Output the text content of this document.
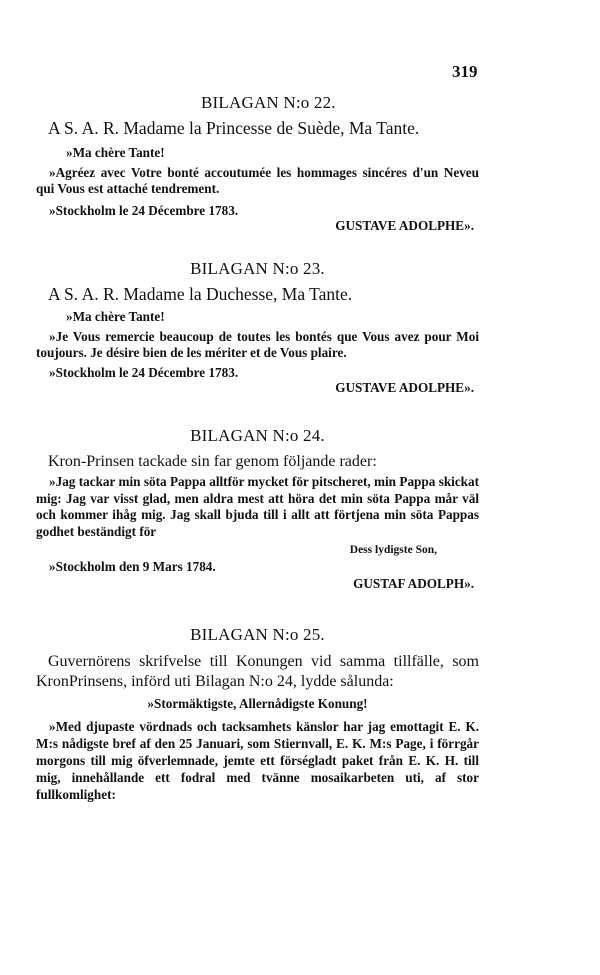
319

BILAGAN N:o 22.

A S. A. R. Madame la Princesse de Suède, Ma Tante.

»Ma chère Tante!

»Agréez avec Votre bonté accoutumée les hommages sincéres d'un Neveu qui Vous est attaché tendrement.

»Stockholm le 24 Décembre 1783.

GUSTAVE ADOLPHE».

BILAGAN N:o 23.

A S. A. R. Madame la Duchesse, Ma Tante.

»Ma chère Tante!

»Je Vous remercie beaucoup de toutes les bontés que Vous avez pour Moi toujours. Je désire bien de les mériter et de Vous plaire.

»Stockholm le 24 Décembre 1783.

GUSTAVE ADOLPHE».

BILAGAN N:o 24.

Kron-Prinsen tackade sin far genom följande rader:

»Jag tackar min söta Pappa alltför mycket för pitscheret, min Pappa skickat mig: Jag var visst glad, men aldra mest att höra det min söta Pappa mår väl och kommer ihåg mig. Jag skall bjuda till i allt att förtjena min söta Pappas godhet beständigt för

Dess lydigste Son,

»Stockholm den 9 Mars 1784.

GUSTAF ADOLPH».

BILAGAN N:o 25.

Guvernörens skrifvelse till Konungen vid samma tillfälle, som KronPrinsens, införd uti Bilagan N:o 24, lydde sålunda:

»Stormäktigste, Allernådigste Konung!

»Med djupaste vördnads och tacksamhets känslor har jag emottagit E. K. M:s nådigste bref af den 25 Januari, som Stiernvall, E. K. M:s Page, i förrgår morgons till mig öfverlemnade, jemte ett förségladt paket från E. K. H. till mig, innehållande ett fodral med tvänne mosaikarbeten uti, af stor fullkomlighet:
